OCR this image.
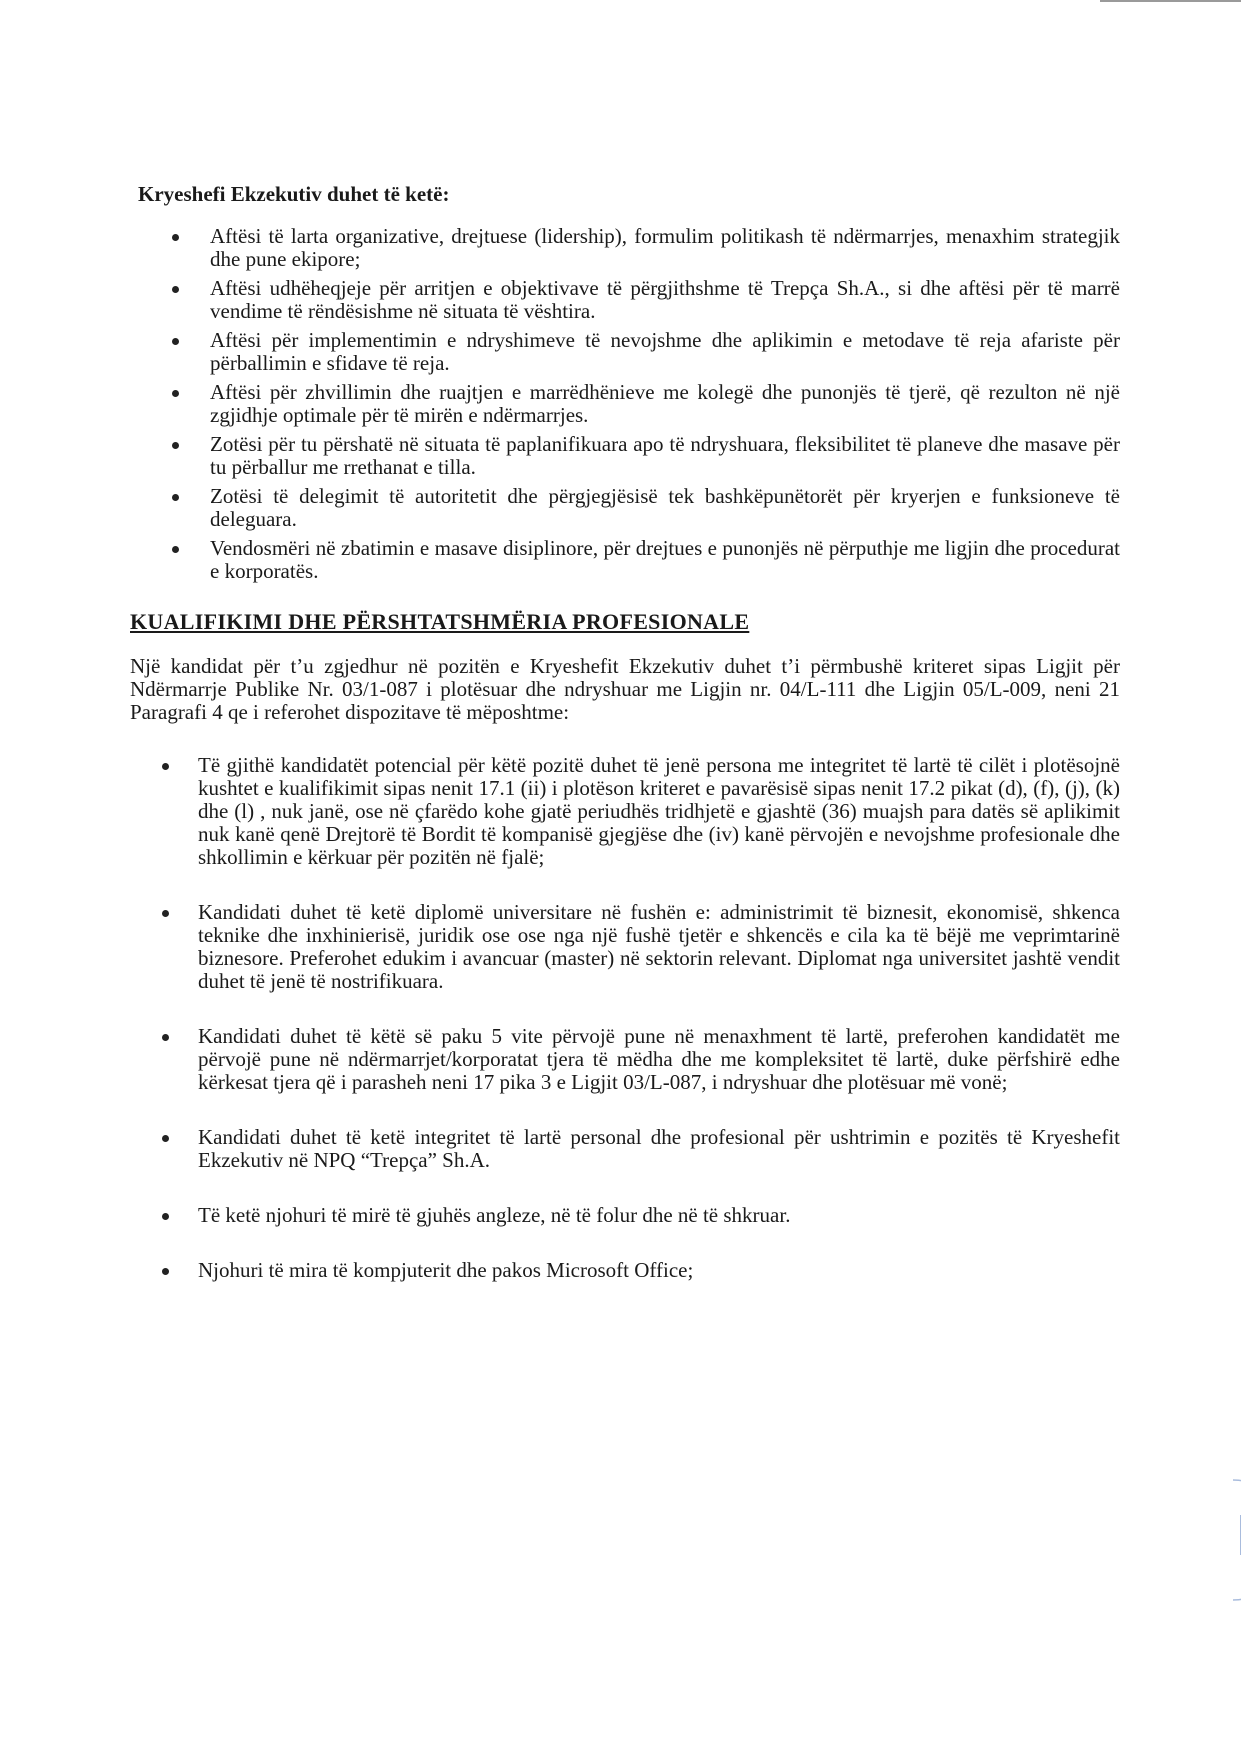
Kryeshefi Ekzekutiv duhet të ketë:
Aftësi të larta organizative, drejtuese (lidership), formulim politikash të ndërmarrjes, menaxhim strategjik dhe pune ekipore;
Aftësi udhëheqjeje për arritjen e objektivave të përgjithshme të Trepça Sh.A., si dhe aftësi për të marrë vendime të rëndësishme në situata të vështira.
Aftësi për implementimin e ndryshimeve të nevojshme dhe aplikimin e metodave të reja afariste për përballimin e sfidave të reja.
Aftësi për zhvillimin dhe ruajtjen e marrëdhënieve me kolegë dhe punonjës të tjerë, që rezulton në një zgjidhje optimale për të mirën e ndërmarrjes.
Zotësi për tu përshatë në situata të paplanifikuara apo të ndryshuara, fleksibilitet të planeve dhe masave për tu përballur me rrethanat e tilla.
Zotësi të delegimit të autoritetit dhe përgjegjësisë tek bashkëpunëtorët për kryerjen e funksioneve të deleguara.
Vendosmëri në zbatimin e masave disiplinore, për drejtues e punonjës në përputhje me ligjin dhe procedurat e korporatës.
KUALIFIKIMI DHE PËRSHTATSHMËRIA PROFESIONALE

Një kandidat për t’u zgjedhur në pozitën e Kryeshefit Ekzekutiv duhet t’i përmbushë kriteret sipas Ligjit për Ndërmarrje Publike Nr. 03/1-087 i plotësuar dhe ndryshuar me Ligjin nr. 04/L-111 dhe Ligjin 05/L-009, neni 21 Paragrafi 4 qe i referohet dispozitave të mëposhtme:

Të gjithë kandidatët potencial për këtë pozitë duhet të jenë persona me integritet të lartë të cilët i plotësojnë kushtet e kualifikimit sipas nenit 17.1 (ii) i plotëson kriteret e pavarësisë sipas nenit 17.2 pikat (d), (f), (j), (k) dhe (l) , nuk janë, ose në çfarëdo kohe gjatë periudhës tridhjetë e gjashtë (36) muajsh para datës së aplikimit nuk kanë qenë Drejtorë të Bordit të kompanisë gjegjëse dhe (iv) kanë përvojën e nevojshme profesionale dhe shkollimin e kërkuar për pozitën në fjalë;
Kandidati duhet të ketë diplomë universitare në fushën e: administrimit të biznesit, ekonomisë, shkenca teknike dhe inxhinierisë, juridik ose ose nga një fushë tjetër e shkencës e cila ka të bëjë me veprimtarinë biznesore. Preferohet edukim i avancuar (master) në sektorin relevant. Diplomat nga universitet jashtë vendit duhet të jenë të nostrifikuara.
Kandidati duhet të këtë së paku 5 vite përvojë pune në menaxhment të lartë, preferohen kandidatët me përvojë pune në ndërmarrjet/korporatat tjera të mëdha dhe me kompleksitet të lartë, duke përfshirë edhe kërkesat tjera që i parasheh neni 17 pika 3 e Ligjit 03/L-087, i ndryshuar dhe plotësuar më vonë;
Kandidati duhet të ketë integritet të lartë personal dhe profesional për ushtrimin e pozitës të Kryeshefit Ekzekutiv në NPQ “Trepça” Sh.A.
Të ketë njohuri të mirë të gjuhës angleze, në të folur dhe në të shkruar.
Njohuri të mira të kompjuterit dhe pakos Microsoft Office;
